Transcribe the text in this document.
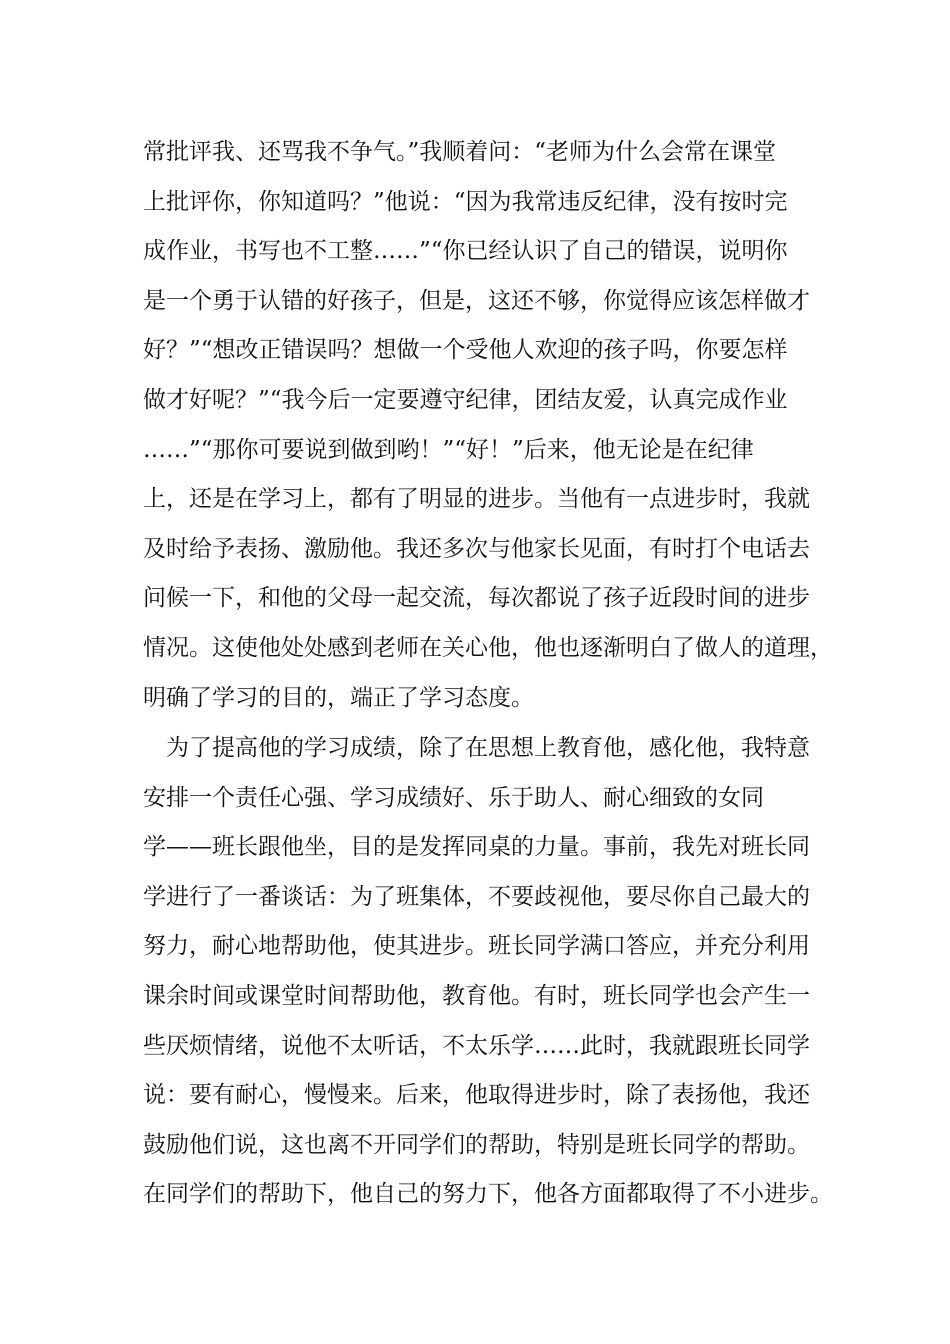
常批评我、还骂我不争气。”我顺着问：“老师为什么会常在课堂
上批评你，你知道吗？”他说：“因为我常违反纪律，没有按时完
成作业，书写也不工整……”“你已经认识了自己的错误，说明你
是一个勇于认错的好孩子，但是，这还不够，你觉得应该怎样做才
好？”“想改正错误吗？想做一个受他人欢迎的孩子吗，你要怎样
做才好呢？”“我今后一定要遵守纪律，团结友爱，认真完成作业
……”“那你可要说到做到哟！”“好！”后来，他无论是在纪律
上，还是在学习上，都有了明显的进步。当他有一点进步时，我就
及时给予表扬、激励他。我还多次与他家长见面，有时打个电话去
问候一下，和他的父母一起交流，每次都说了孩子近段时间的进步
情况。这使他处处感到老师在关心他，他也逐渐明白了做人的道理，
明确了学习的目的，端正了学习态度。
为了提高他的学习成绩，除了在思想上教育他，感化他，我特意
安排一个责任心强、学习成绩好、乐于助人、耐心细致的女同
学——班长跟他坐，目的是发挥同桌的力量。事前，我先对班长同
学进行了一番谈话：为了班集体，不要歧视他，要尽你自己最大的
努力，耐心地帮助他，使其进步。班长同学满口答应，并充分利用
课余时间或课堂时间帮助他，教育他。有时，班长同学也会产生一
些厌烦情绪，说他不太听话，不太乐学……此时，我就跟班长同学
说：要有耐心，慢慢来。后来，他取得进步时，除了表扬他，我还
鼓励他们说，这也离不开同学们的帮助，特别是班长同学的帮助。
在同学们的帮助下，他自己的努力下，他各方面都取得了不小进步。
